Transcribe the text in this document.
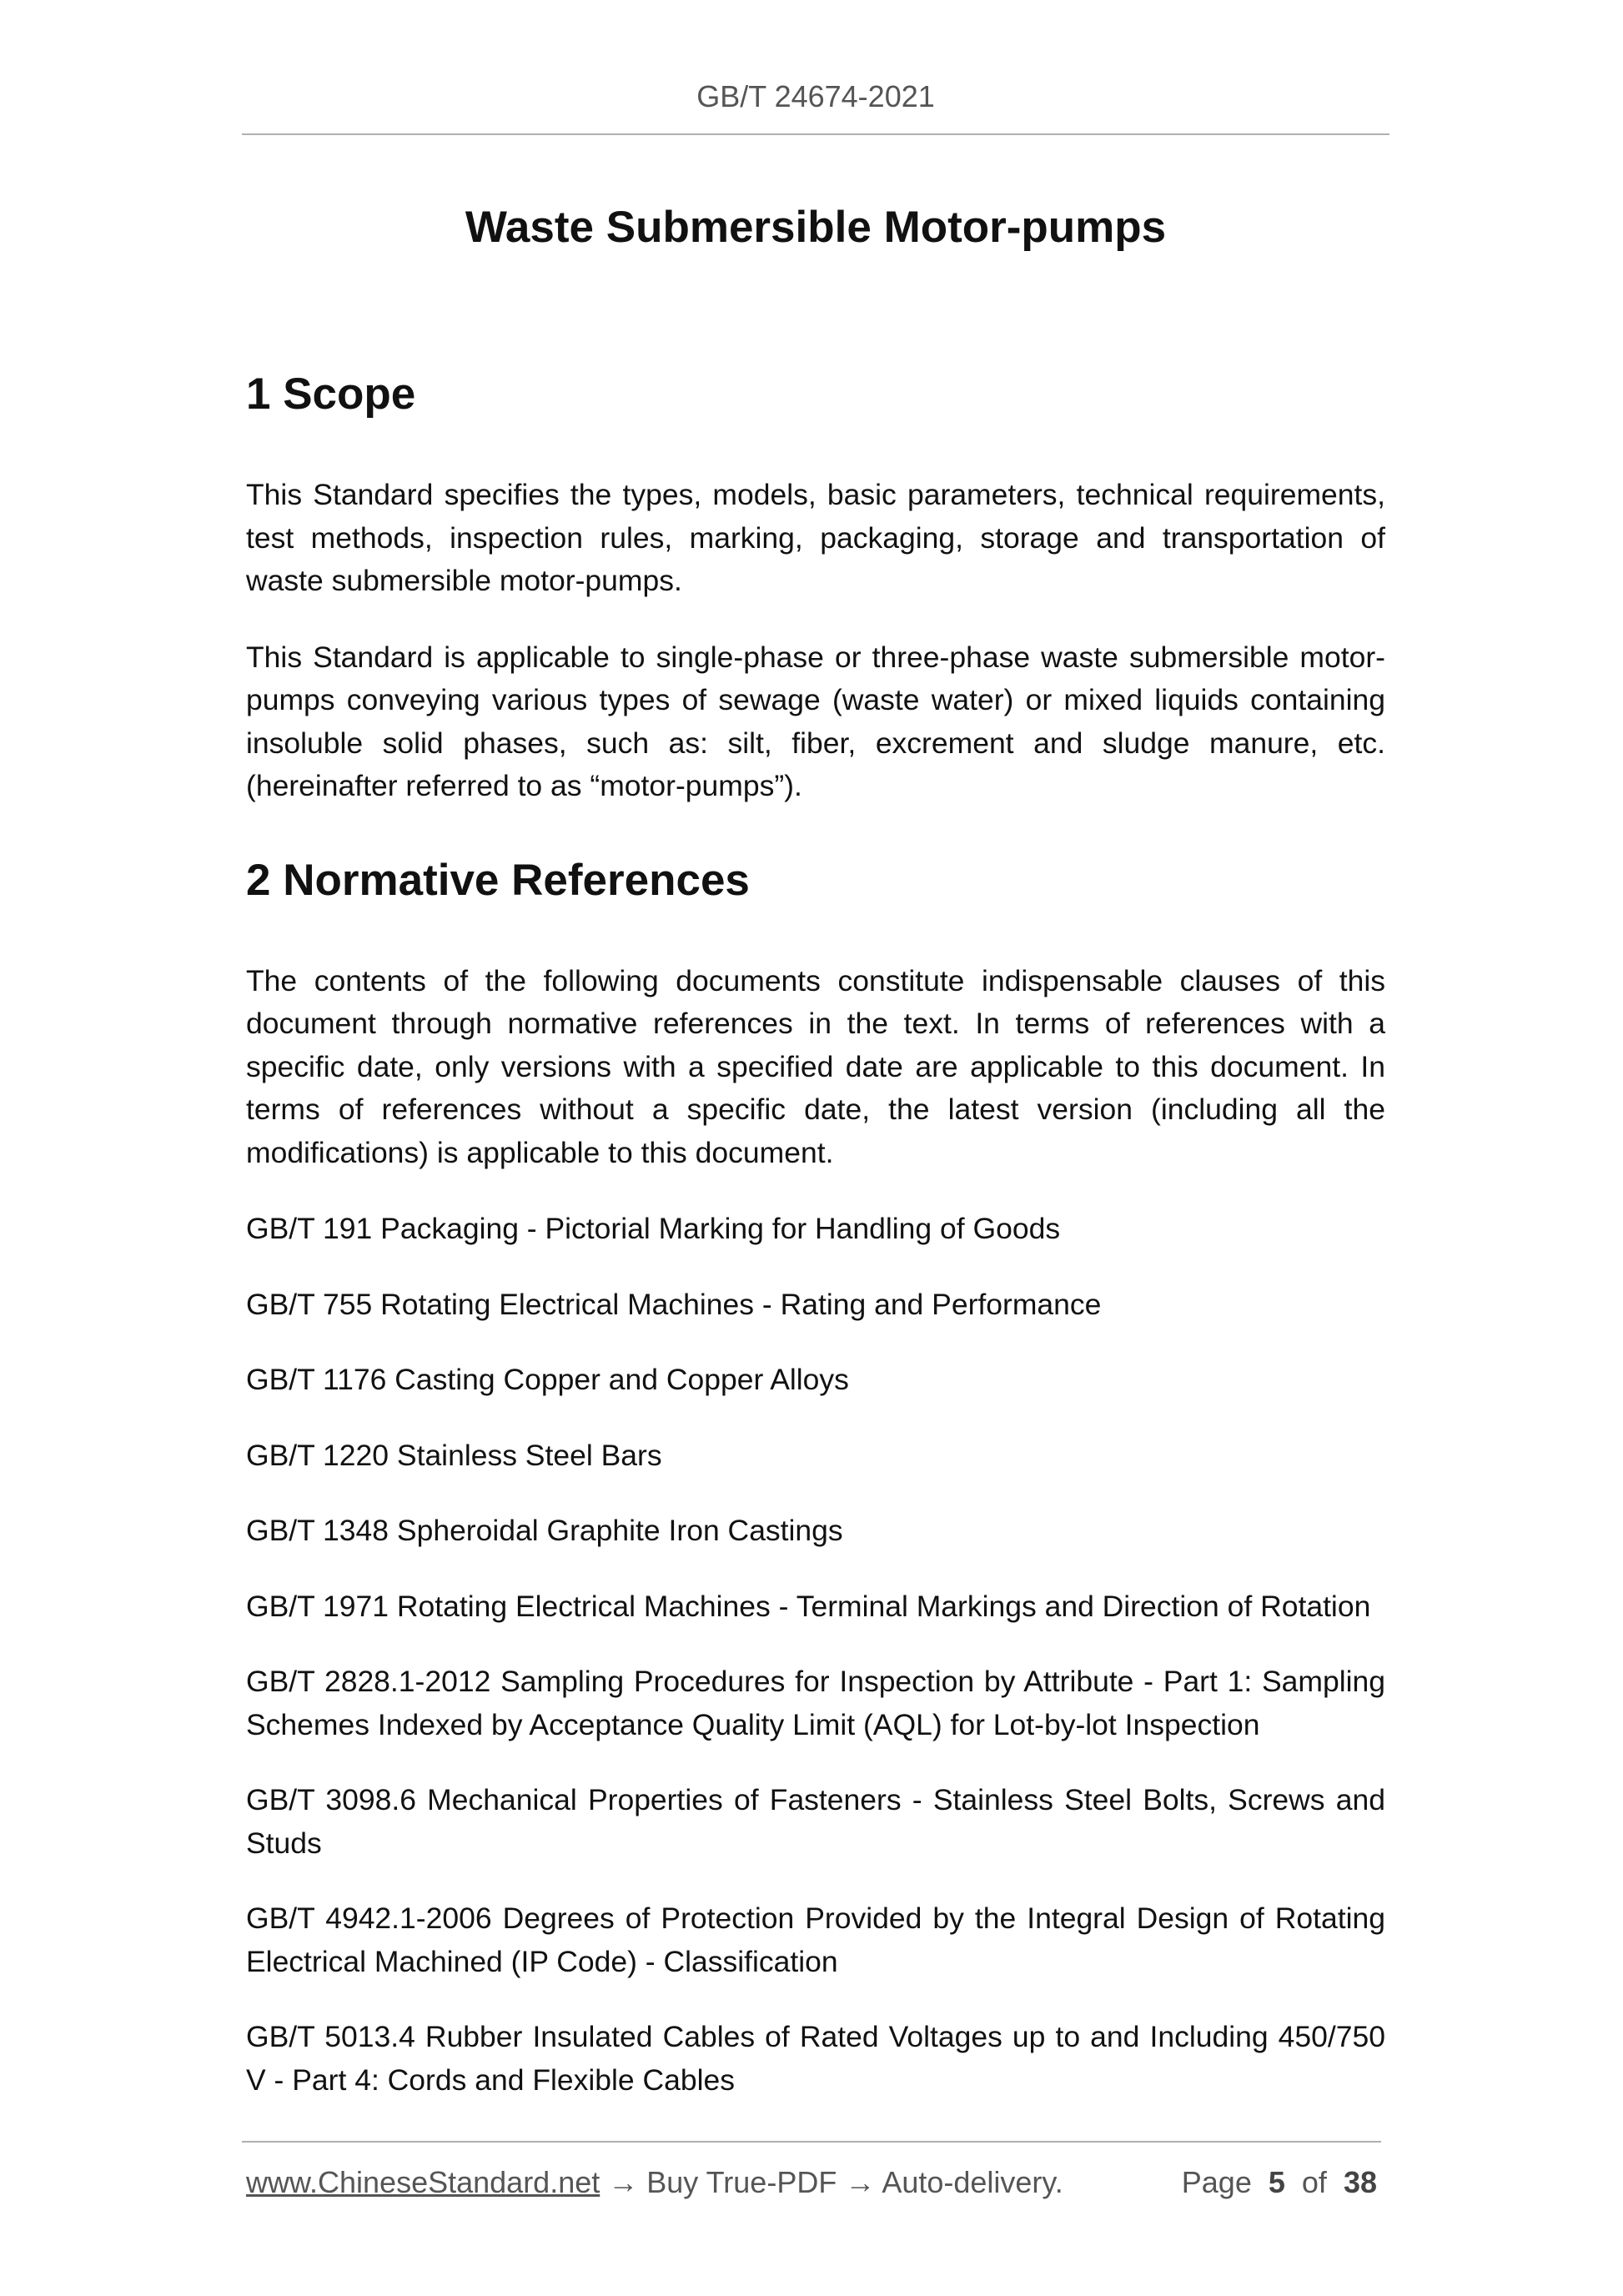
GB/T 24674-2021
Waste Submersible Motor-pumps
1 Scope

This Standard specifies the types, models, basic parameters, technical requirements, test methods, inspection rules, marking, packaging, storage and transportation of waste submersible motor-pumps.

This Standard is applicable to single-phase or three-phase waste submersible motor-pumps conveying various types of sewage (waste water) or mixed liquids containing insoluble solid phases, such as: silt, fiber, excrement and sludge manure, etc. (hereinafter referred to as “motor-pumps”).

2 Normative References

The contents of the following documents constitute indispensable clauses of this document through normative references in the text. In terms of references with a specific date, only versions with a specified date are applicable to this document. In terms of references without a specific date, the latest version (including all the modifications) is applicable to this document.

GB/T 191 Packaging - Pictorial Marking for Handling of Goods
GB/T 755 Rotating Electrical Machines - Rating and Performance
GB/T 1176 Casting Copper and Copper Alloys
GB/T 1220 Stainless Steel Bars
GB/T 1348 Spheroidal Graphite Iron Castings
GB/T 1971 Rotating Electrical Machines - Terminal Markings and Direction of Rotation
GB/T 2828.1-2012 Sampling Procedures for Inspection by Attribute - Part 1: Sampling Schemes Indexed by Acceptance Quality Limit (AQL) for Lot-by-lot Inspection
GB/T 3098.6 Mechanical Properties of Fasteners - Stainless Steel Bolts, Screws and Studs
GB/T 4942.1-2006 Degrees of Protection Provided by the Integral Design of Rotating Electrical Machined (IP Code) - Classification
GB/T 5013.4 Rubber Insulated Cables of Rated Voltages up to and Including 450/750 V - Part 4: Cords and Flexible Cables
www.ChineseStandard.net → Buy True-PDF → Auto-delivery.	Page 5 of 38
